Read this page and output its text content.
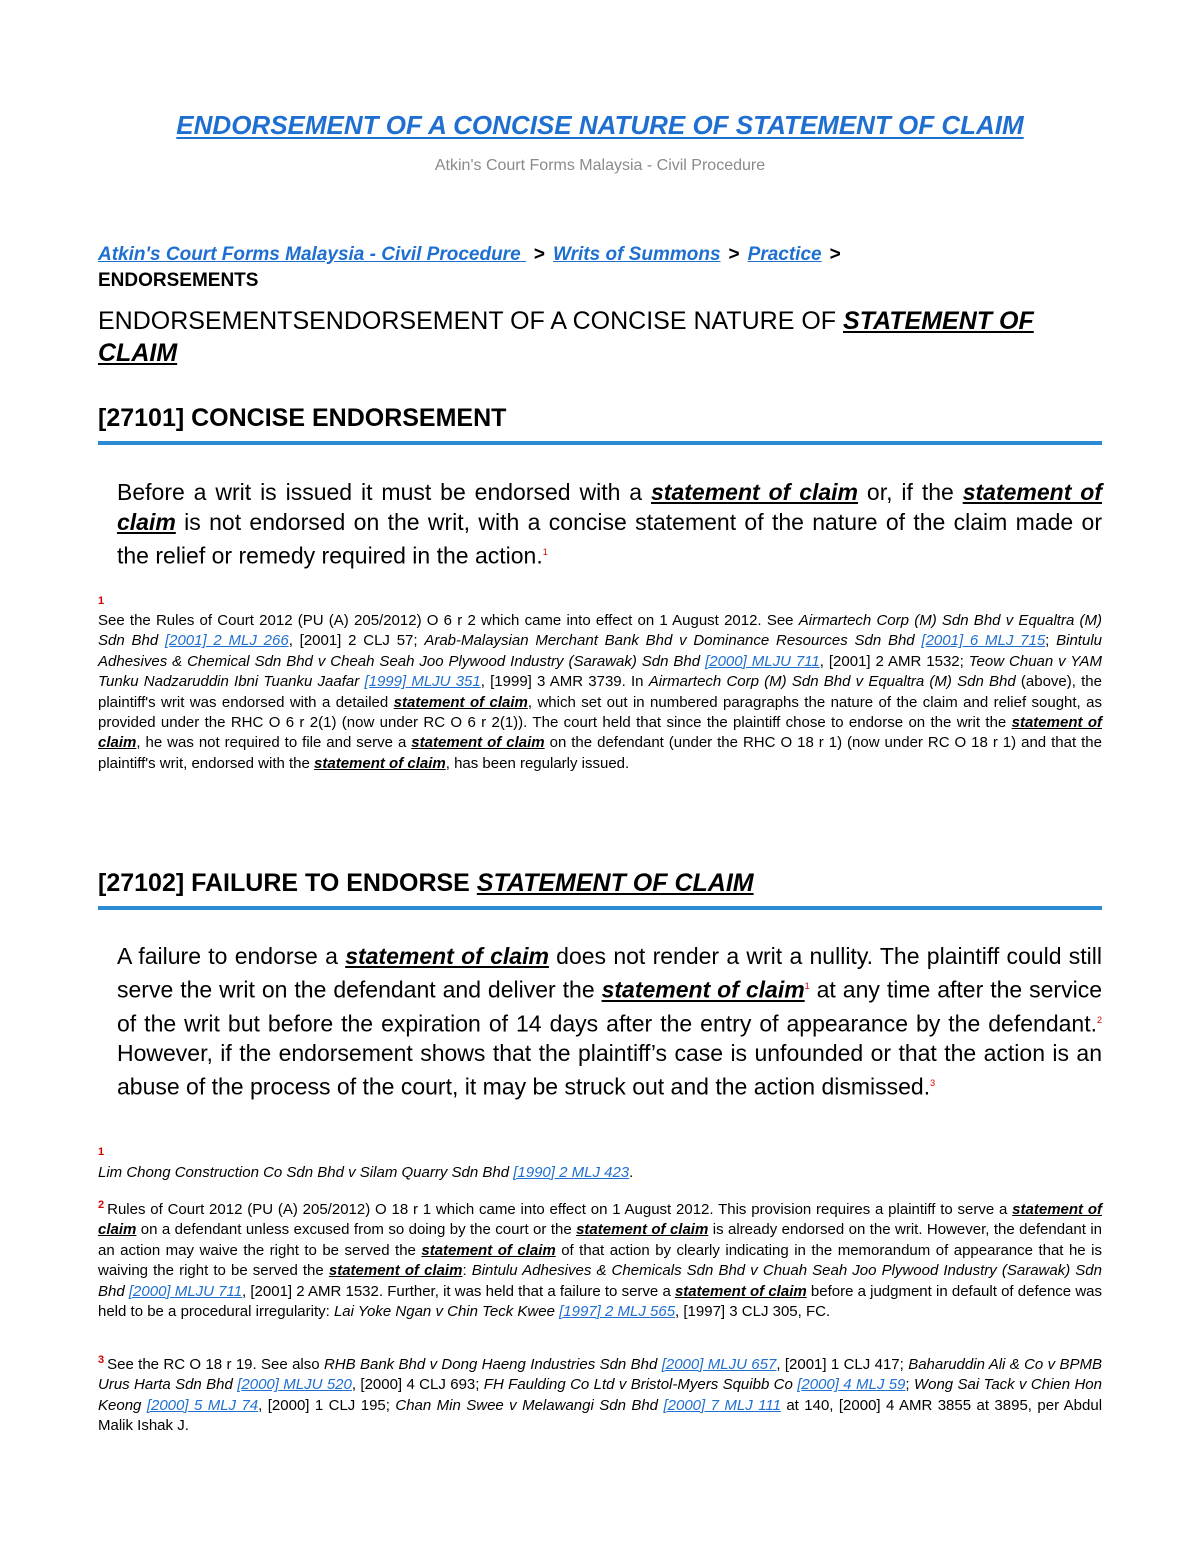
ENDORSEMENT OF A CONCISE NATURE OF STATEMENT OF CLAIM

Atkin's Court Forms Malaysia - Civil Procedure

Atkin's Court Forms Malaysia - Civil Procedure > Writs of Summons > Practice >
ENDORSEMENTS
ENDORSEMENTSENDORSEMENT OF A CONCISE NATURE OF STATEMENT OF CLAIM
[27101] CONCISE ENDORSEMENT

Before a writ is issued it must be endorsed with a statement of claim or, if the statement of claim is not endorsed on the writ, with a concise statement of the nature of the claim made or the relief or remedy required in the action.$^1$

1

See the Rules of Court 2012 (PU (A) 205/2012) O 6 r 2 which came into effect on 1 August 2012. See Airmartech Corp (M) Sdn Bhd v Equaltra (M) Sdn Bhd [2001] 2 MLJ 266, [2001] 2 CLJ 57; Arab-Malaysian Merchant Bank Bhd v Dominance Resources Sdn Bhd [2001] 6 MLJ 715; Bintulu Adhesives & Chemical Sdn Bhd v Cheah Seah Joo Plywood Industry (Sarawak) Sdn Bhd [2000] MLJU 711, [2001] 2 AMR 1532; Teow Chuan v YAM Tunku Nadzaruddin Ibni Tuanku Jaafar [1999] MLJU 351, [1999] 3 AMR 3739. In Airmartech Corp (M) Sdn Bhd v Equaltra (M) Sdn Bhd (above), the plaintiff's writ was endorsed with a detailed statement of claim, which set out in numbered paragraphs the nature of the claim and relief sought, as provided under the RHC O 6 r 2(1) (now under RC O 6 r 2(1)). The court held that since the plaintiff chose to endorse on the writ the statement of claim, he was not required to file and serve a statement of claim on the defendant (under the RHC O 18 r 1) (now under RC O 18 r 1) and that the plaintiff's writ, endorsed with the statement of claim, has been regularly issued.

[27102] FAILURE TO ENDORSE STATEMENT OF CLAIM

A failure to endorse a statement of claim does not render a writ a nullity. The plaintiff could still serve the writ on the defendant and deliver the statement of claim$^1$ at any time after the service of the writ but before the expiration of 14 days after the entry of appearance by the defendant.$^2$ However, if the endorsement shows that the plaintiff’s case is unfounded or that the action is an abuse of the process of the court, it may be struck out and the action dismissed.$^3$

1

Lim Chong Construction Co Sdn Bhd v Silam Quarry Sdn Bhd [1990] 2 MLJ 423.

$^2$ Rules of Court 2012 (PU (A) 205/2012) O 18 r 1 which came into effect on 1 August 2012. This provision requires a plaintiff to serve a statement of claim on a defendant unless excused from so doing by the court or the statement of claim is already endorsed on the writ. However, the defendant in an action may waive the right to be served the statement of claim of that action by clearly indicating in the memorandum of appearance that he is waiving the right to be served the statement of claim: Bintulu Adhesives & Chemicals Sdn Bhd v Chuah Seah Joo Plywood Industry (Sarawak) Sdn Bhd [2000] MLJU 711, [2001] 2 AMR 1532. Further, it was held that a failure to serve a statement of claim before a judgment in default of defence was held to be a procedural irregularity: Lai Yoke Ngan v Chin Teck Kwee [1997] 2 MLJ 565, [1997] 3 CLJ 305, FC.

$^3$ See the RC O 18 r 19. See also RHB Bank Bhd v Dong Haeng Industries Sdn Bhd [2000] MLJU 657, [2001] 1 CLJ 417; Baharuddin Ali & Co v BPMB Urus Harta Sdn Bhd [2000] MLJU 520, [2000] 4 CLJ 693; FH Faulding Co Ltd v Bristol-Myers Squibb Co [2000] 4 MLJ 59; Wong Sai Tack v Chien Hon Keong [2000] 5 MLJ 74, [2000] 1 CLJ 195; Chan Min Swee v Melawangi Sdn Bhd [2000] 7 MLJ 111 at 140, [2000] 4 AMR 3855 at 3895, per Abdul Malik Ishak J.
